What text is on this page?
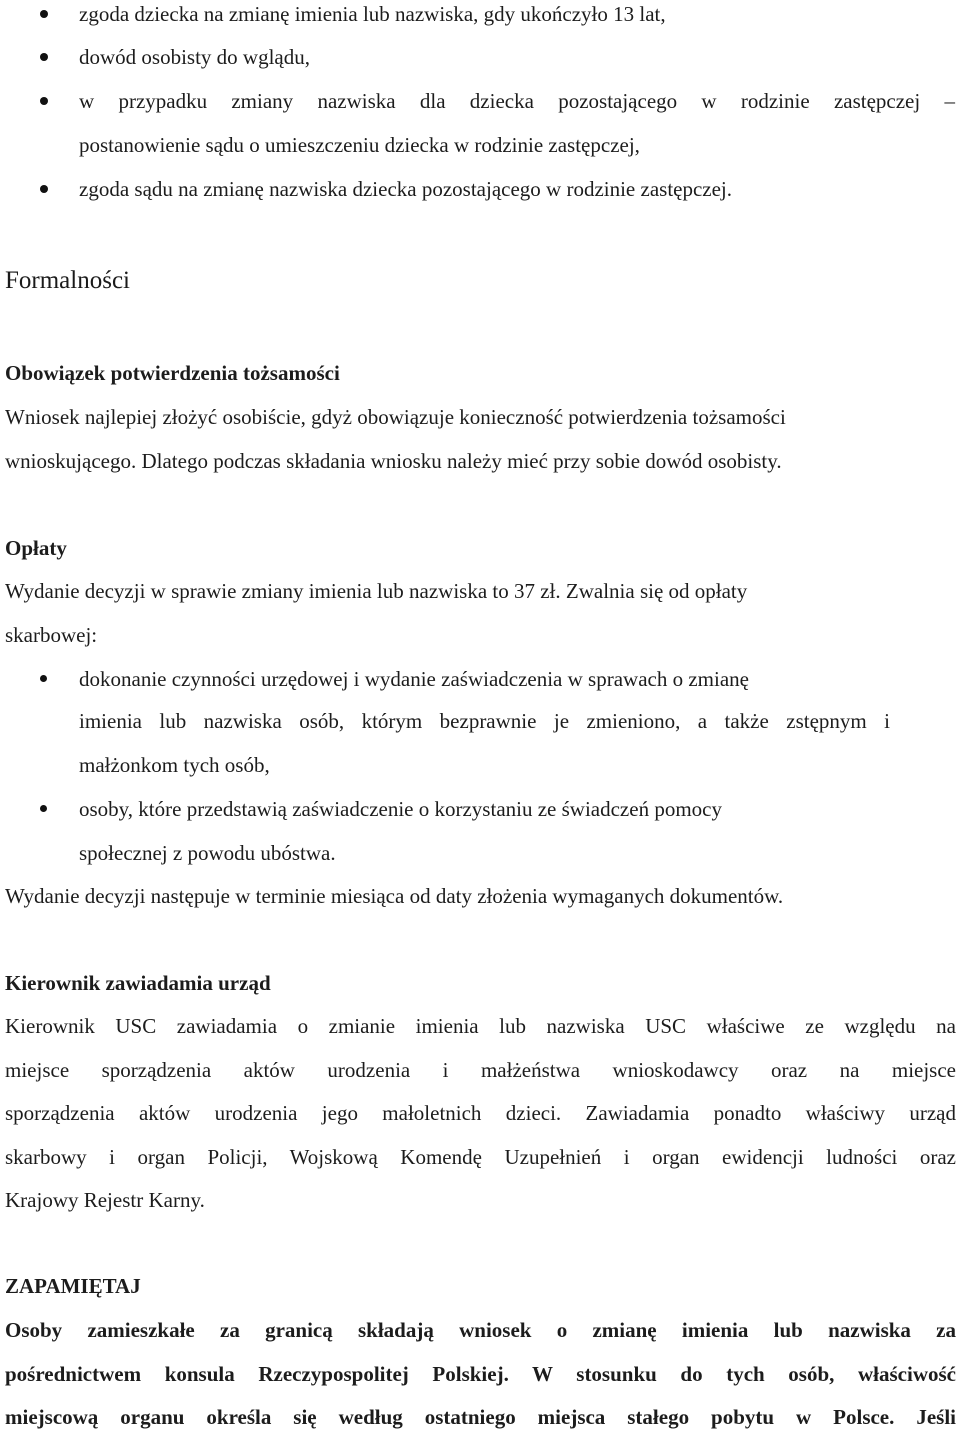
zgoda dziecka na zmianę imienia lub nazwiska, gdy ukończyło 13 lat,
dowód osobisty do wglądu,
w przypadku zmiany nazwiska dla dziecka pozostającego w rodzinie zastępczej –
postanowienie sądu o umieszczeniu dziecka w rodzinie zastępczej,
zgoda sądu na zmianę nazwiska dziecka pozostającego w rodzinie zastępczej.
Formalności
Obowiązek potwierdzenia tożsamości
Wniosek najlepiej złożyć osobiście, gdyż obowiązuje konieczność potwierdzenia tożsamości
wnioskującego. Dlatego podczas składania wniosku należy mieć przy sobie dowód osobisty.
Opłaty
Wydanie decyzji w sprawie zmiany imienia lub nazwiska to 37 zł. Zwalnia się od opłaty
skarbowej:
dokonanie czynności urzędowej i wydanie zaświadczenia w sprawach o zmianę
imienia lub nazwiska osób, którym bezprawnie je zmieniono, a także zstępnym i
małżonkom tych osób,
osoby, które przedstawią zaświadczenie o korzystaniu ze świadczeń pomocy
społecznej z powodu ubóstwa.
Wydanie decyzji następuje w terminie miesiąca od daty złożenia wymaganych dokumentów.
Kierownik zawiadamia urząd
Kierownik USC zawiadamia o zmianie imienia lub nazwiska USC właściwe ze względu na
miejsce sporządzenia aktów urodzenia i małżeństwa wnioskodawcy oraz na miejsce
sporządzenia aktów urodzenia jego małoletnich dzieci. Zawiadamia ponadto właściwy urząd
skarbowy i organ Policji, Wojskową Komendę Uzupełnień i organ ewidencji ludności oraz
Krajowy Rejestr Karny.
ZAPAMIĘTAJ
Osoby zamieszkałe za granicą składają wniosek o zmianę imienia lub nazwiska za
pośrednictwem konsula Rzeczypospolitej Polskiej. W stosunku do tych osób, właściwość
miejscową organu określa się według ostatniego miejsca stałego pobytu w Polsce. Jeśli
